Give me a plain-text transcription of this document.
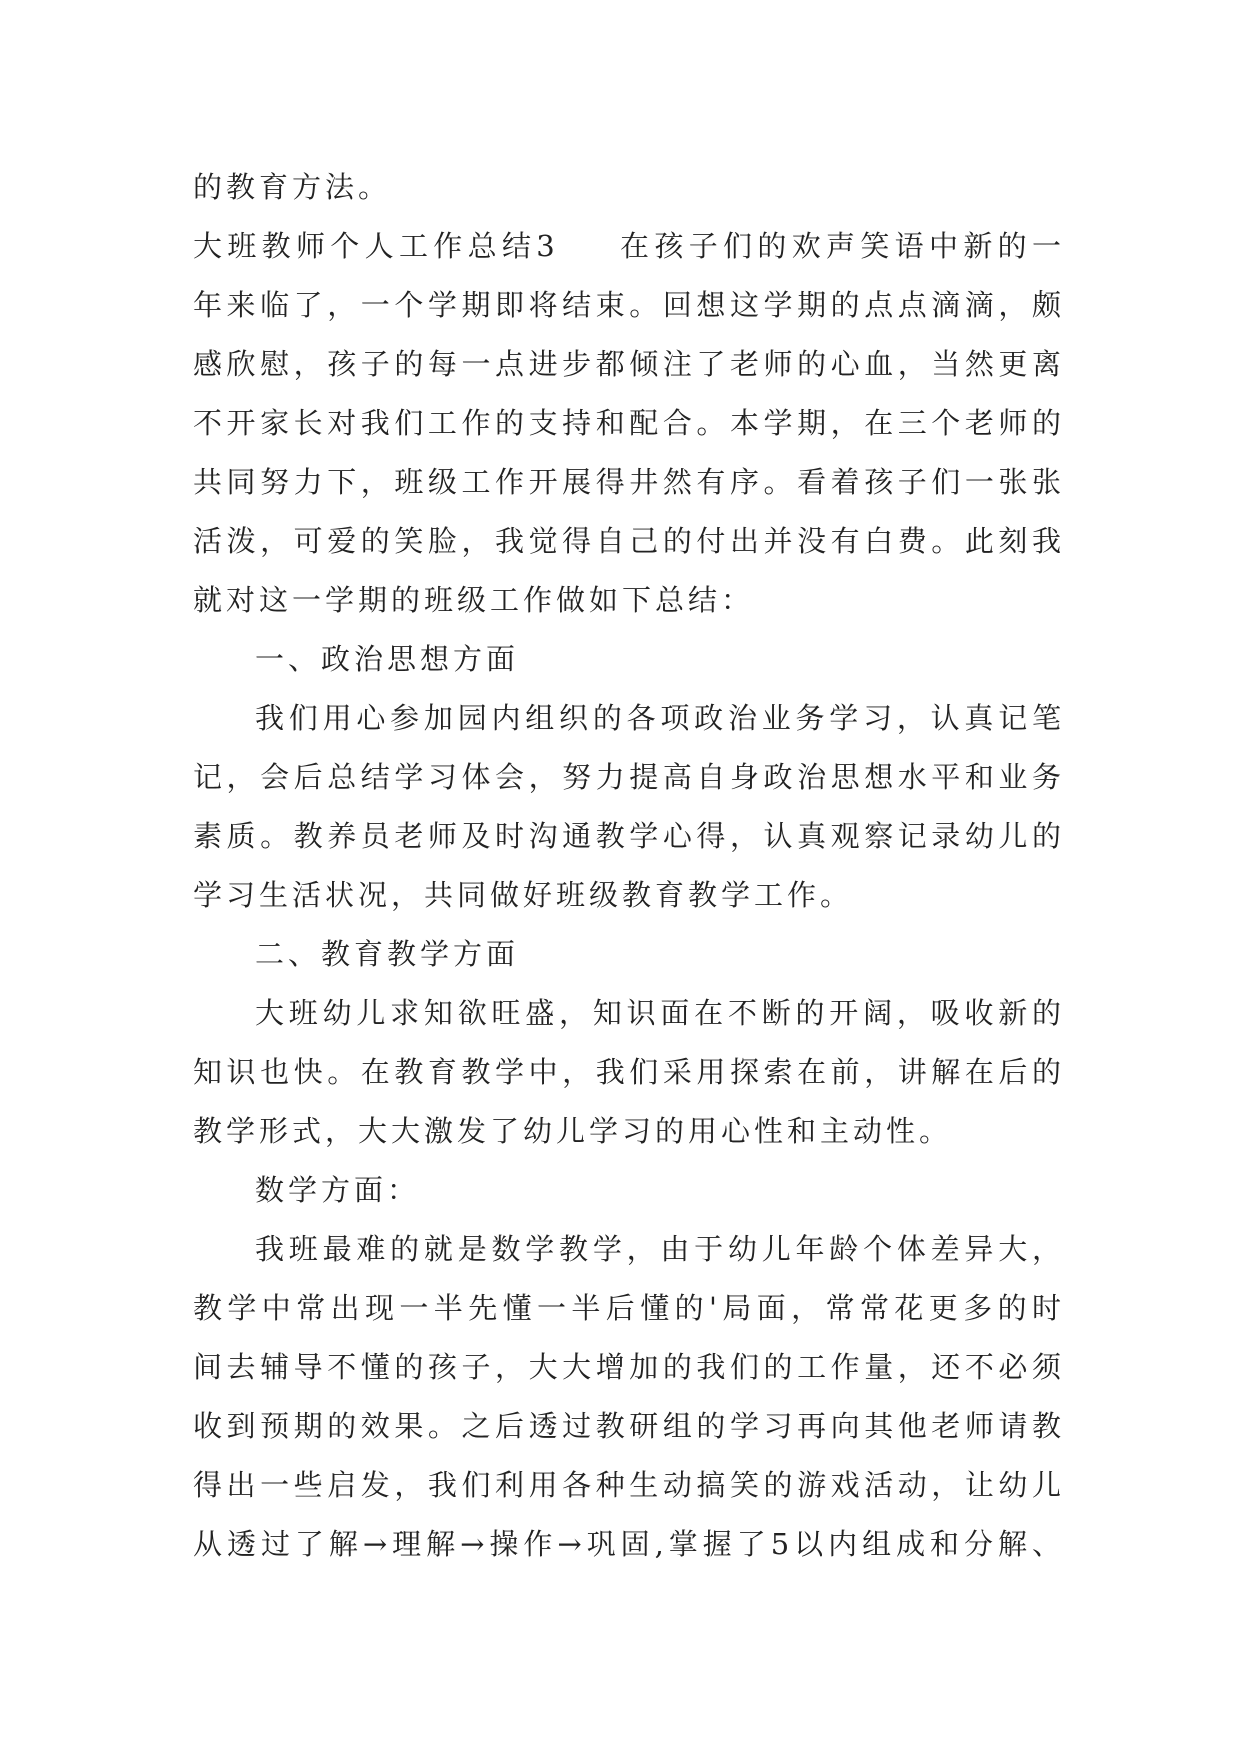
的教育方法。
大班教师个人工作总结3 在孩子们的欢声笑语中新的一
年来临了，一个学期即将结束。回想这学期的点点滴滴，颇
感欣慰，孩子的每一点进步都倾注了老师的心血，当然更离
不开家长对我们工作的支持和配合。本学期，在三个老师的
共同努力下，班级工作开展得井然有序。看着孩子们一张张
活泼，可爱的笑脸，我觉得自己的付出并没有白费。此刻我
就对这一学期的班级工作做如下总结：
一、政治思想方面
我们用心参加园内组织的各项政治业务学习，认真记笔
记，会后总结学习体会，努力提高自身政治思想水平和业务
素质。教养员老师及时沟通教学心得，认真观察记录幼儿的
学习生活状况，共同做好班级教育教学工作。
二、教育教学方面
大班幼儿求知欲旺盛，知识面在不断的开阔，吸收新的
知识也快。在教育教学中，我们采用探索在前，讲解在后的
教学形式，大大激发了幼儿学习的用心性和主动性。
数学方面：
我班最难的就是数学教学，由于幼儿年龄个体差异大，
教学中常出现一半先懂一半后懂的'局面，常常花更多的时
间去辅导不懂的孩子，大大增加的我们的工作量，还不必须
收到预期的效果。之后透过教研组的学习再向其他老师请教
得出一些启发，我们利用各种生动搞笑的游戏活动，让幼儿
从透过了解→理解→操作→巩固,掌握了5以内组成和分解、
